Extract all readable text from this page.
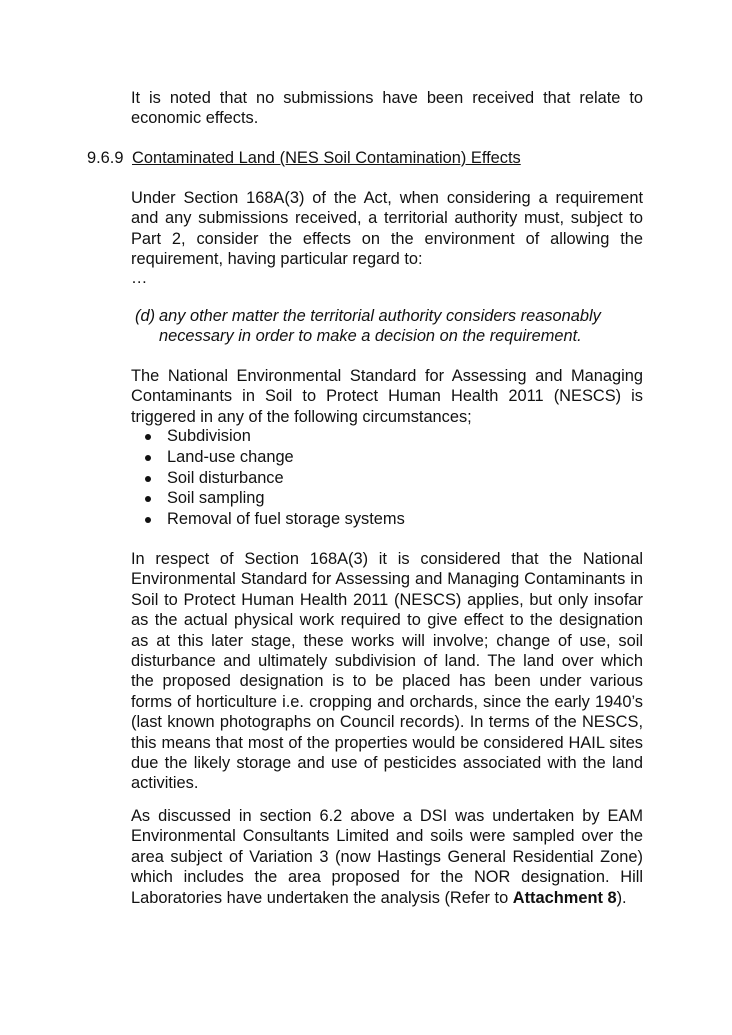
It is noted that no submissions have been received that relate to economic effects.

9.6.9 Contaminated Land (NES Soil Contamination) Effects

Under Section 168A(3) of the Act, when considering a requirement and any submissions received, a territorial authority must, subject to Part 2, consider the effects on the environment of allowing the requirement, having particular regard to:

…

(d) any other matter the territorial authority considers reasonably
necessary in order to make a decision on the requirement.

The National Environmental Standard for Assessing and Managing Contaminants in Soil to Protect Human Health 2011 (NESCS) is triggered in any of the following circumstances;

Subdivision
Land-use change
Soil disturbance
Soil sampling
Removal of fuel storage systems

In respect of Section 168A(3) it is considered that the National Environmental Standard for Assessing and Managing Contaminants in Soil to Protect Human Health 2011 (NESCS) applies, but only insofar as the actual physical work required to give effect to the designation as at this later stage, these works will involve; change of use, soil disturbance and ultimately subdivision of land. The land over which the proposed designation is to be placed has been under various forms of horticulture i.e. cropping and orchards, since the early 1940’s (last known photographs on Council records). In terms of the NESCS, this means that most of the properties would be considered HAIL sites due the likely storage and use of pesticides associated with the land activities.

As discussed in section 6.2 above a DSI was undertaken by EAM Environmental Consultants Limited and soils were sampled over the area subject of Variation 3 (now Hastings General Residential Zone) which includes the area proposed for the NOR designation. Hill Laboratories have undertaken the analysis (Refer to Attachment 8).
